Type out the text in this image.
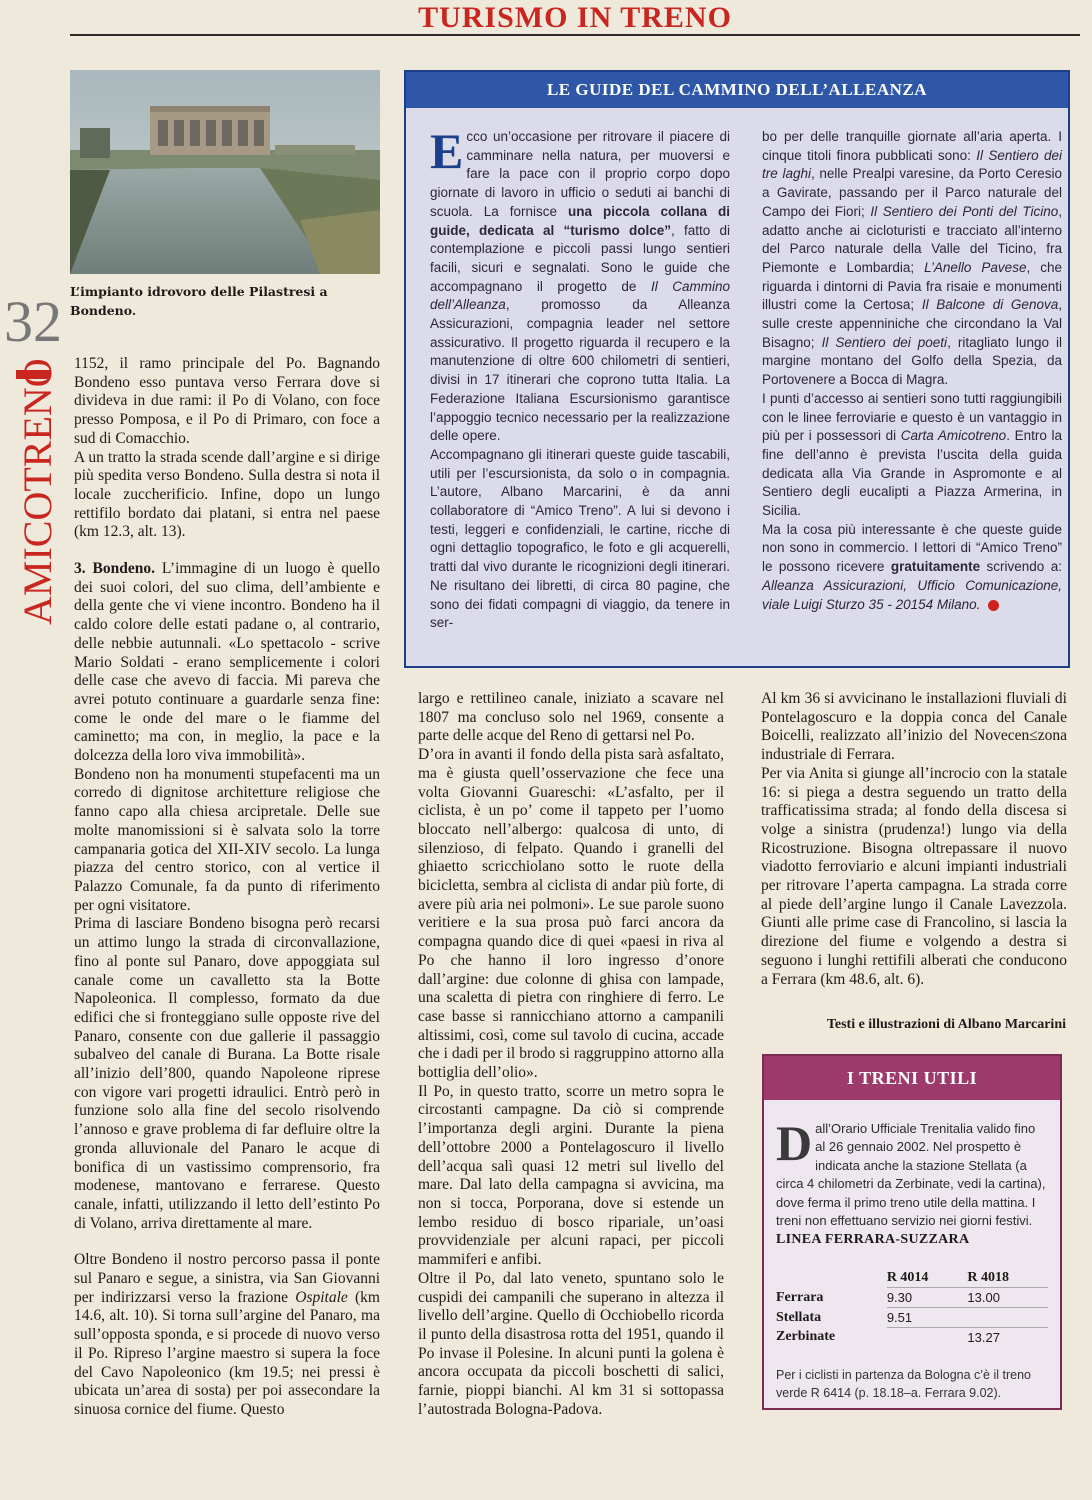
TURISMO IN TRENO
32
AMICOTRENO
L’impianto idrovoro delle Pilastresi a Bondeno.

1152, il ramo principale del Po. Bagnando Bondeno esso puntava verso Ferrara dove si divideva in due rami: il Po di Volano, con foce presso Pomposa, e il Po di Primaro, con foce a sud di Comacchio.

A un tratto la strada scende dall’argine e si dirige più spedita verso Bondeno. Sulla destra si nota il locale zuccherificio. Infine, dopo un lungo rettifilo bordato dai platani, si entra nel paese (km 12.3, alt. 13).

3. Bondeno. L’immagine di un luogo è quello dei suoi colori, del suo clima, dell’ambiente e della gente che vi viene incontro. Bondeno ha il caldo colore delle estati padane o, al contrario, delle nebbie autunnali. «Lo spettacolo - scrive Mario Soldati - erano semplicemente i colori delle case che avevo di faccia. Mi pareva che avrei potuto continuare a guardarle senza fine: come le onde del mare o le fiamme del caminetto; ma con, in meglio, la pace e la dolcezza della loro viva immobilità».

Bondeno non ha monumenti stupefacenti ma un corredo di dignitose architetture religiose che fanno capo alla chiesa arcipretale. Delle sue molte manomissioni si è salvata solo la torre campanaria gotica del XII-XIV secolo. La lunga piazza del centro storico, con al vertice il Palazzo Comunale, fa da punto di riferimento per ogni visitatore.

Prima di lasciare Bondeno bisogna però recarsi un attimo lungo la strada di circonvallazione, fino al ponte sul Panaro, dove appoggiata sul canale come un cavalletto sta la Botte Napoleonica. Il complesso, formato da due edifici che si fronteggiano sulle opposte rive del Panaro, consente con due gallerie il passaggio subalveo del canale di Burana. La Botte risale all’inizio dell’800, quando Napoleone riprese con vigore vari progetti idraulici. Entrò però in funzione solo alla fine del secolo risolvendo l’annoso e grave problema di far defluire oltre la gronda alluvionale del Panaro le acque di bonifica di un vastissimo comprensorio, fra modenese, mantovano e ferrarese. Questo canale, infatti, utilizzando il letto dell’estinto Po di Volano, arriva direttamente al mare.

Oltre Bondeno il nostro percorso passa il ponte sul Panaro e segue, a sinistra, via San Giovanni per indirizzarsi verso la frazione Ospitale (km 14.6, alt. 10). Si torna sull’argine del Panaro, ma sull’opposta sponda, e si procede di nuovo verso il Po. Ripreso l’argine maestro si supera la foce del Cavo Napoleonico (km 19.5; nei pressi è ubicata un’area di sosta) per poi assecondare la sinuosa cornice del fiume. Questo

LE GUIDE DEL CAMMINO DELL’ALLEANZA

Ecco un’occasione per ritrovare il piacere di camminare nella natura, per muoversi e fare la pace con il proprio corpo dopo giornate di lavoro in ufficio o seduti ai banchi di scuola. La fornisce una piccola collana di guide, dedicata al “turismo dolce”, fatto di contemplazione e piccoli passi lungo sentieri facili, sicuri e segnalati. Sono le guide che accompagnano il progetto de Il Cammino dell’Alleanza, promosso da Alleanza Assicurazioni, compagnia leader nel settore assicurativo. Il progetto riguarda il recupero e la manutenzione di oltre 600 chilometri di sentieri, divisi in 17 itinerari che coprono tutta Italia. La Federazione Italiana Escursionismo garantisce l’appoggio tecnico necessario per la realizzazione delle opere.

Accompagnano gli itinerari queste guide tascabili, utili per l’escursionista, da solo o in compagnia. L’autore, Albano Marcarini, è da anni collaboratore di “Amico Treno”. A lui si devono i testi, leggeri e confidenziali, le cartine, ricche di ogni dettaglio topografico, le foto e gli acquerelli, tratti dal vivo durante le ricognizioni degli itinerari. Ne risultano dei libretti, di circa 80 pagine, che sono dei fidati compagni di viaggio, da tenere in ser-

bo per delle tranquille giornate all’aria aperta. I cinque titoli finora pubblicati sono: Il Sentiero dei tre laghi, nelle Prealpi varesine, da Porto Ceresio a Gavirate, passando per il Parco naturale del Campo dei Fiori; Il Sentiero dei Ponti del Ticino, adatto anche ai cicloturisti e tracciato all’interno del Parco naturale della Valle del Ticino, fra Piemonte e Lombardia; L’Anello Pavese, che riguarda i dintorni di Pavia fra risaie e monumenti illustri come la Certosa; Il Balcone di Genova, sulle creste appenniniche che circondano la Val Bisagno; Il Sentiero dei poeti, ritagliato lungo il margine montano del Golfo della Spezia, da Portovenere a Bocca di Magra.

I punti d’accesso ai sentieri sono tutti raggiungibili con le linee ferroviarie e questo è un vantaggio in più per i possessori di Carta Amicotreno. Entro la fine dell’anno è prevista l’uscita della guida dedicata alla Via Grande in Aspromonte e al Sentiero degli eucalipti a Piazza Armerina, in Sicilia.

Ma la cosa più interessante è che queste guide non sono in commercio. I lettori di “Amico Treno” le possono ricevere gratuitamente scrivendo a: Alleanza Assicurazioni, Ufficio Comunicazione, viale Luigi Sturzo 35 - 20154 Milano.

largo e rettilineo canale, iniziato a scavare nel 1807 ma concluso solo nel 1969, consente a parte delle acque del Reno di gettarsi nel Po.

D’ora in avanti il fondo della pista sarà asfaltato, ma è giusta quell’osservazione che fece una volta Giovanni Guareschi: «L’asfalto, per il ciclista, è un po’ come il tappeto per l’uomo bloccato nell’albergo: qualcosa di unto, di silenzioso, di felpato. Quando i granelli del ghiaetto scricchiolano sotto le ruote della bicicletta, sembra al ciclista di andar più forte, di avere più aria nei polmoni». Le sue parole suono veritiere e la sua prosa può farci ancora da compagna quando dice di quei «paesi in riva al Po che hanno il loro ingresso d’onore dall’argine: due colonne di ghisa con lampade, una scaletta di pietra con ringhiere di ferro. Le case basse si rannicchiano attorno a campanili altissimi, così, come sul tavolo di cucina, accade che i dadi per il brodo si raggruppino attorno alla bottiglia dell’olio».

Il Po, in questo tratto, scorre un metro sopra le circostanti campagne. Da ciò si comprende l’importanza degli argini. Durante la piena dell’ottobre 2000 a Pontelagoscuro il livello dell’acqua salì quasi 12 metri sul livello del mare. Dal lato della campagna si avvicina, ma non si tocca, Porporana, dove si estende un lembo residuo di bosco ripariale, un’oasi provvidenziale per alcuni rapaci, per piccoli mammiferi e anfibi.

Oltre il Po, dal lato veneto, spuntano solo le cuspidi dei campanili che superano in altezza il livello dell’argine. Quello di Occhiobello ricorda il punto della disastrosa rotta del 1951, quando il Po invase il Polesine. In alcuni punti la golena è ancora occupata da piccoli boschetti di salici, farnie, pioppi bianchi. Al km 31 si sottopassa l’autostrada Bologna-Padova.

Al km 36 si avvicinano le installazioni fluviali di Pontelagoscuro e la doppia conca del Canale Boicelli, realizzato all’inizio del Novecen≤zona industriale di Ferrara.

Per via Anita si giunge all’incrocio con la statale 16: si piega a destra seguendo un tratto della trafficatissima strada; al fondo della discesa si volge a sinistra (prudenza!) lungo via della Ricostruzione. Bisogna oltrepassare il nuovo viadotto ferroviario e alcuni impianti industriali per ritrovare l’aperta campagna. La strada corre al piede dell’argine lungo il Canale Lavezzola. Giunti alle prime case di Francolino, si lascia la direzione del fiume e volgendo a destra si seguono i lunghi rettifili alberati che conducono a Ferrara (km 48.6, alt. 6).

Testi e illustrazioni di Albano Marcarini
I TRENI UTILI
Dall’Orario Ufficiale Trenitalia valido fino al 26 gennaio 2002. Nel prospetto è indicata anche la stazione Stellata (a circa 4 chilometri da Zerbinate, vedi la cartina), dove ferma il primo treno utile della mattina. I treni non effettuano servizio nei giorni festivi.
LINEA FERRARA-SUZZARA
	R 4014	R 4018
Ferrara	9.30	13.00
Stellata	9.51	
Zerbinate		13.27
Per i ciclisti in partenza da Bologna c’è il treno verde R 6414 (p. 18.18–a. Ferrara 9.02).
